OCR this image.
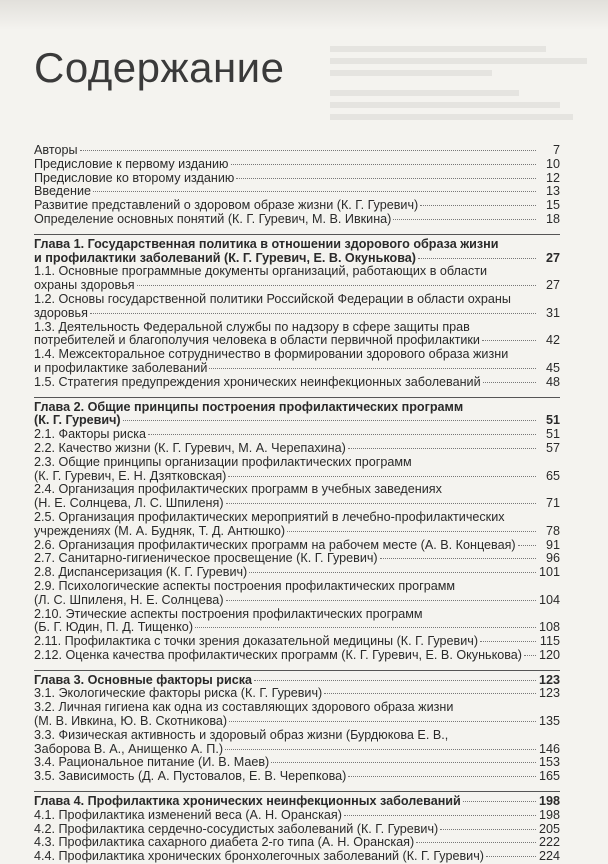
Содержание
Авторы	7
Предисловие к первому изданию	10
Предисловие ко второму изданию	12
Введение	13
Развитие представлений о здоровом образе жизни (К. Г. Гуревич)	15
Определение основных понятий (К. Г. Гуревич, М. В. Ивкина)	18
Глава 1. Государственная политика в отношении здорового образа жизни
и профилактики заболеваний (К. Г. Гуревич, Е. В. Окунькова)	27
1.1. Основные программные документы организаций, работающих в области
охраны здоровья	27
1.2. Основы государственной политики Российской Федерации в области охраны
здоровья	31
1.3. Деятельность Федеральной службы по надзору в сфере защиты прав
потребителей и благополучия человека в области первичной профилактики	42
1.4. Межсекторальное сотрудничество в формировании здорового образа жизни
и профилактике заболеваний	45
1.5. Стратегия предупреждения хронических неинфекционных заболеваний	48
Глава 2. Общие принципы построения профилактических программ
(К. Г. Гуревич)	51
2.1. Факторы риска	51
2.2. Качество жизни (К. Г. Гуревич, М. А. Черепахина)	57
2.3. Общие принципы организации профилактических программ
(К. Г. Гуревич, Е. Н. Дзятковская)	65
2.4. Организация профилактических программ в учебных заведениях
(Н. Е. Солнцева, Л. С. Шпиленя)	71
2.5. Организация профилактических мероприятий в лечебно-профилактических
учреждениях (М. А. Будняк, Т. Д. Антюшко)	78
2.6. Организация профилактических программ на рабочем месте (А. В. Концевая)	91
2.7. Санитарно-гигиеническое просвещение (К. Г. Гуревич)	96
2.8. Диспансеризация (К. Г. Гуревич)	101
2.9. Психологические аспекты построения профилактических программ
(Л. С. Шпиленя, Н. Е. Солнцева)	104
2.10. Этические аспекты построения профилактических программ
(Б. Г. Юдин, П. Д. Тищенко)	108
2.11. Профилактика с точки зрения доказательной медицины (К. Г. Гуревич)	115
2.12. Оценка качества профилактических программ (К. Г. Гуревич, Е. В. Окунькова) 120
Глава 3. Основные факторы риска	123
3.1. Экологические факторы риска (К. Г. Гуревич)	123
3.2. Личная гигиена как одна из составляющих здорового образа жизни
(М. В. Ивкина, Ю. В. Скотникова)	135
3.3. Физическая активность и здоровый образ жизни (Бурдюкова Е. В.,
Заборова В. А., Анищенко А. П.)	146
3.4. Рациональное питание (И. В. Маев)	153
3.5. Зависимость (Д. А. Пустовалов, Е. В. Черепкова)	165
Глава 4. Профилактика хронических неинфекционных заболеваний	198
4.1. Профилактика изменений веса (А. Н. Оранская)	198
4.2. Профилактика сердечно-сосудистых заболеваний (К. Г. Гуревич)	205
4.3. Профилактика сахарного диабета 2-го типа (А. Н. Оранская)	222
4.4. Профилактика хронических бронхолегочных заболеваний (К. Г. Гуревич)	224
